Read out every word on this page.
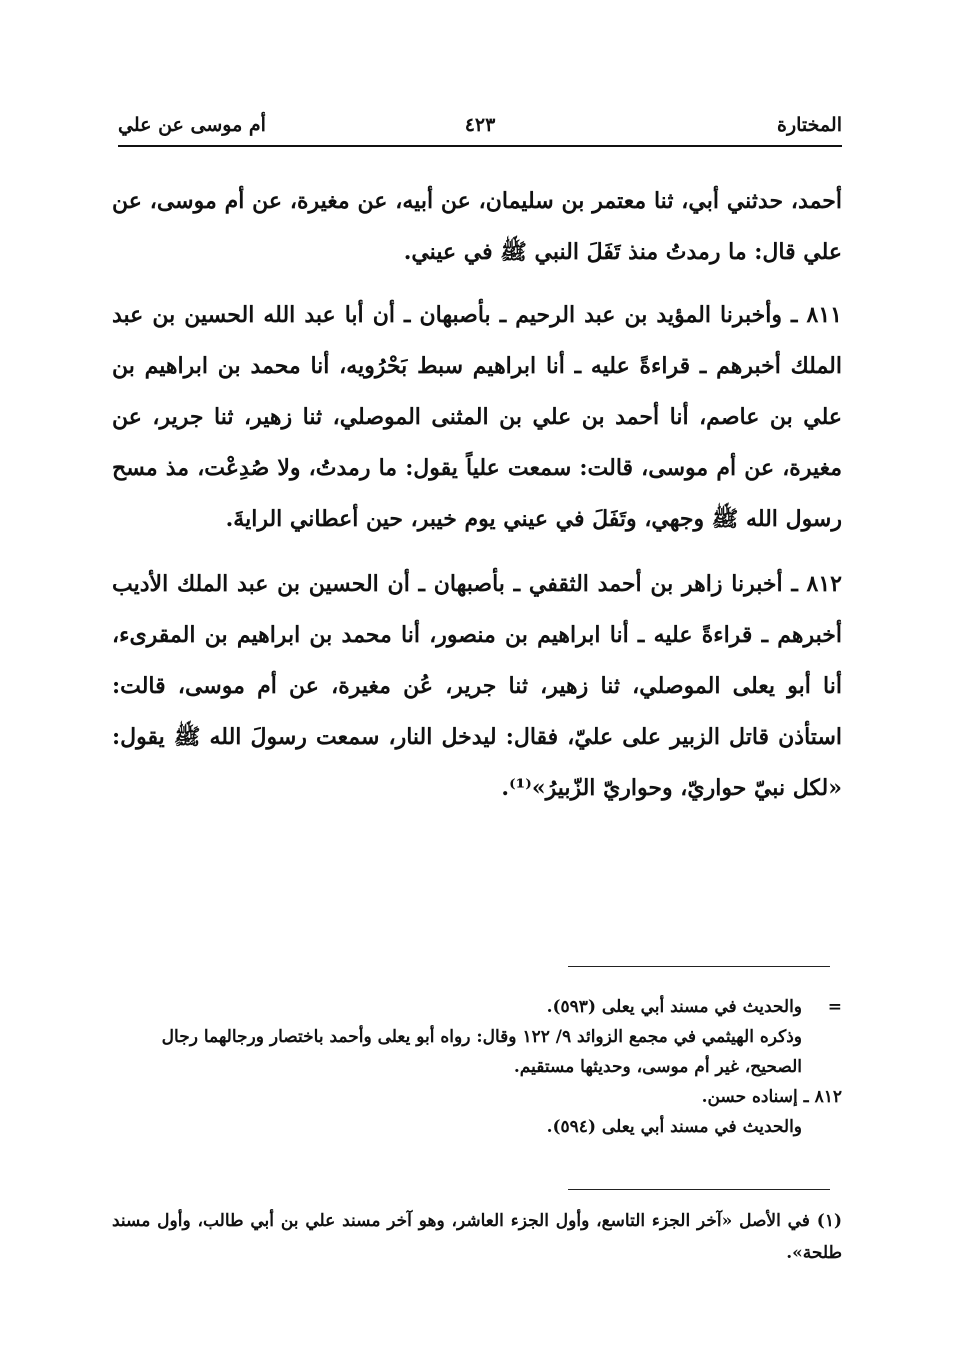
المختارة
٤٢٣
أم موسى عن علي

أحمد، حدثني أبي، ثنا معتمر بن سليمان، عن أبيه، عن مغيرة، عن أم موسى، عن علي قال: ما رمدتُ منذ تَفَلَ النبي ﷺ في عيني.

٨١١ ـ وأخبرنا المؤيد بن عبد الرحيم ـ بأصبهان ـ أن أبا عبد الله الحسين بن عبد الملك أخبرهم ـ قراءةً عليه ـ أنا ابراهيم سبط بَحْرُويه، أنا محمد بن ابراهيم بن علي بن عاصم، أنا أحمد بن علي بن المثنى الموصلي، ثنا زهير، ثنا جرير، عن مغيرة، عن أم موسى، قالت: سمعت علياً يقول: ما رمدتُ، ولا صُدِعْت، مذ مسح رسول الله ﷺ وجهي، وتَفَلَ في عيني يوم خيبر، حين أعطاني الرايةَ.

٨١٢ ـ أخبرنا زاهر بن أحمد الثقفي ـ بأصبهان ـ أن الحسين بن عبد الملك الأديب أخبرهم ـ قراءةً عليه ـ أنا ابراهيم بن منصور، أنا محمد بن ابراهيم بن المقرىء، أنا أبو يعلى الموصلي، ثنا زهير، ثنا جرير، عُن مغيرة، عن أم موسى، قالت: استأذن قاتل الزبير على عليّ، فقال: ليدخل النار، سمعت رسولَ الله ﷺ يقول: «لكل نبيّ حواريّ، وحواريّ الزّبيرُ»⁽¹⁾.

=والحديث في مسند أبي يعلى (٥٩٣).
وذكره الهيثمي في مجمع الزوائد ٩/ ١٢٢ وقال: رواه أبو يعلى وأحمد باختصار ورجالهما رجال الصحيح، غير أم موسى، وحديثها مستقيم.
٨١٢ ـ إسناده حسن.
والحديث في مسند أبي يعلى (٥٩٤).
(١) في الأصل «آخر الجزء التاسع، وأول الجزء العاشر، وهو آخر مسند علي بن أبي طالب، وأول مسند طلحة».
